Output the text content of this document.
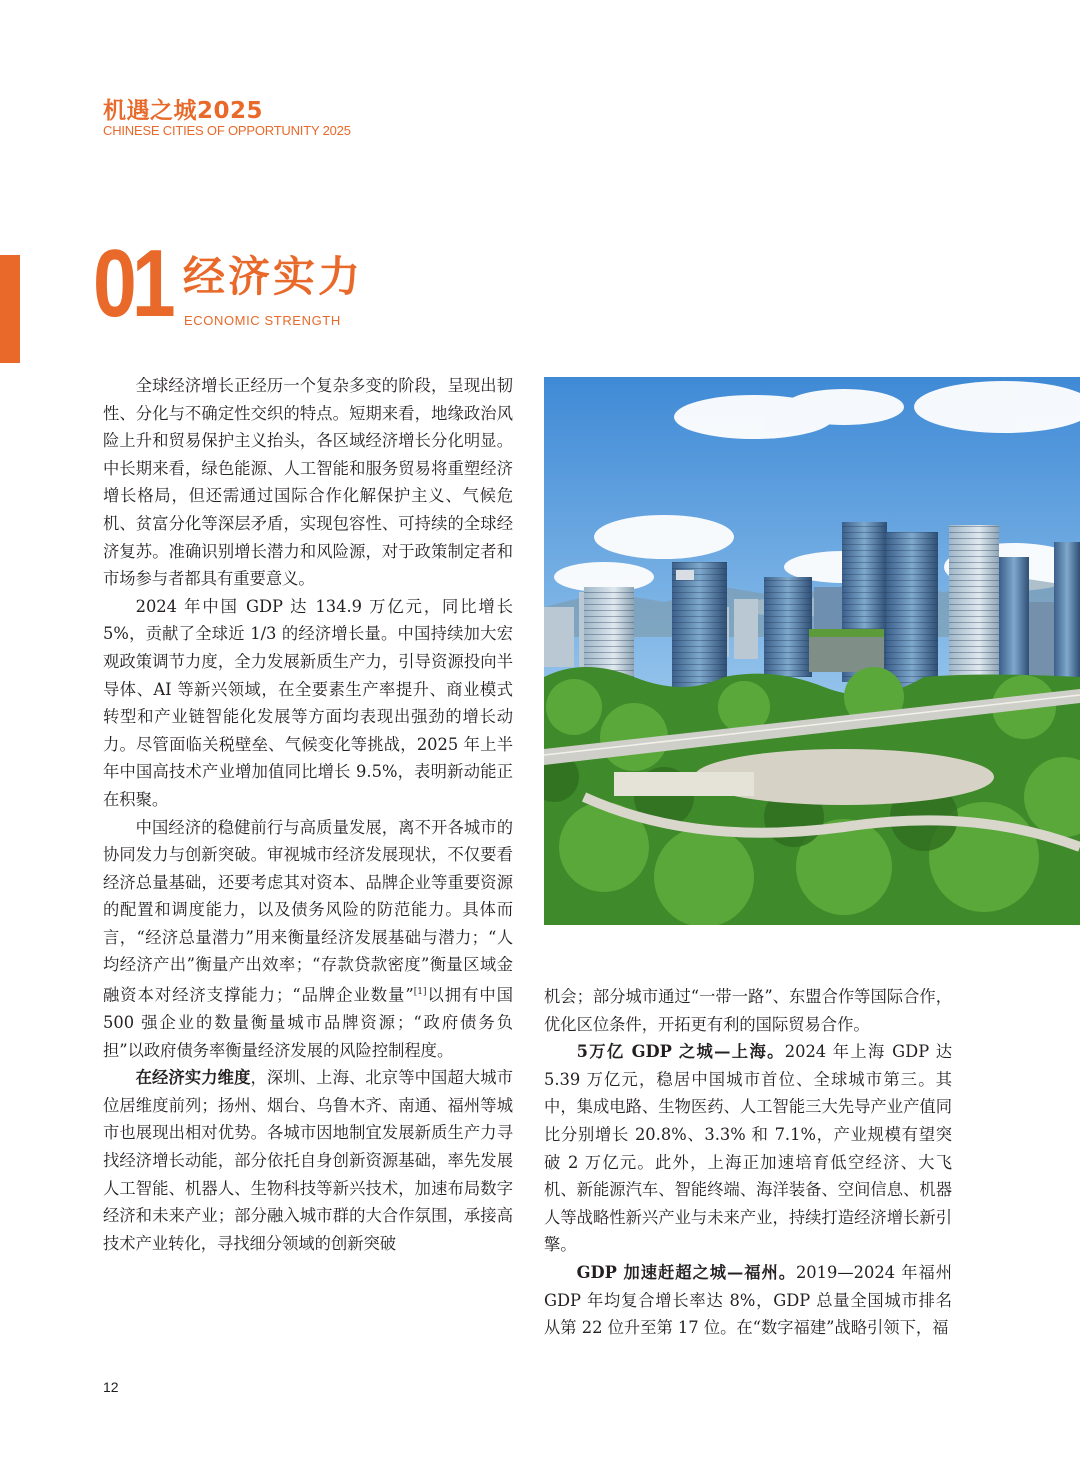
机遇之城2025
CHINESE CITIES OF OPPORTUNITY 2025
01 经济实力
ECONOMIC STRENGTH

全球经济增长正经历一个复杂多变的阶段，呈现出韧性、分化与不确定性交织的特点。短期来看，地缘政治风险上升和贸易保护主义抬头，各区域经济增长分化明显。中长期来看，绿色能源、人工智能和服务贸易将重塑经济增长格局，但还需通过国际合作化解保护主义、气候危机、贫富分化等深层矛盾，实现包容性、可持续的全球经济复苏。准确识别增长潜力和风险源，对于政策制定者和市场参与者都具有重要意义。

2024 年中国 GDP 达 134.9 万亿元，同比增长 5%，贡献了全球近 1/3 的经济增长量。中国持续加大宏观政策调节力度，全力发展新质生产力，引导资源投向半导体、AI 等新兴领域，在全要素生产率提升、商业模式转型和产业链智能化发展等方面均表现出强劲的增长动力。尽管面临关税壁垒、气候变化等挑战，2025 年上半年中国高技术产业增加值同比增长 9.5%，表明新动能正在积聚。

中国经济的稳健前行与高质量发展，离不开各城市的协同发力与创新突破。审视城市经济发展现状，不仅要看经济总量基础，还要考虑其对资本、品牌企业等重要资源的配置和调度能力，以及债务风险的防范能力。具体而言，“经济总量潜力”用来衡量经济发展基础与潜力；“人均经济产出”衡量产出效率；“存款贷款密度”衡量区域金融资本对经济支撑能力；“品牌企业数量”[1]以拥有中国 500 强企业的数量衡量城市品牌资源；“政府债务负担”以政府债务率衡量经济发展的风险控制程度。

在经济实力维度，深圳、上海、北京等中国超大城市位居维度前列；扬州、烟台、乌鲁木齐、南通、福州等城市也展现出相对优势。各城市因地制宜发展新质生产力寻找经济增长动能，部分依托自身创新资源基础，率先发展人工智能、机器人、生物科技等新兴技术，加速布局数字经济和未来产业；部分融入城市群的大合作氛围，承接高技术产业转化，寻找细分领域的创新突破

机会；部分城市通过“一带一路”、东盟合作等国际合作，优化区位条件，开拓更有利的国际贸易合作。

5万亿 GDP 之城—上海。2024 年上海 GDP 达 5.39 万亿元，稳居中国城市首位、全球城市第三。其中，集成电路、生物医药、人工智能三大先导产业产值同比分别增长 20.8%、3.3% 和 7.1%，产业规模有望突破 2 万亿元。此外，上海正加速培育低空经济、大飞机、新能源汽车、智能终端、海洋装备、空间信息、机器人等战略性新兴产业与未来产业，持续打造经济增长新引擎。

GDP 加速赶超之城—福州。2019—2024 年福州 GDP 年均复合增长率达 8%，GDP 总量全国城市排名从第 22 位升至第 17 位。在“数字福建”战略引领下，福

12
